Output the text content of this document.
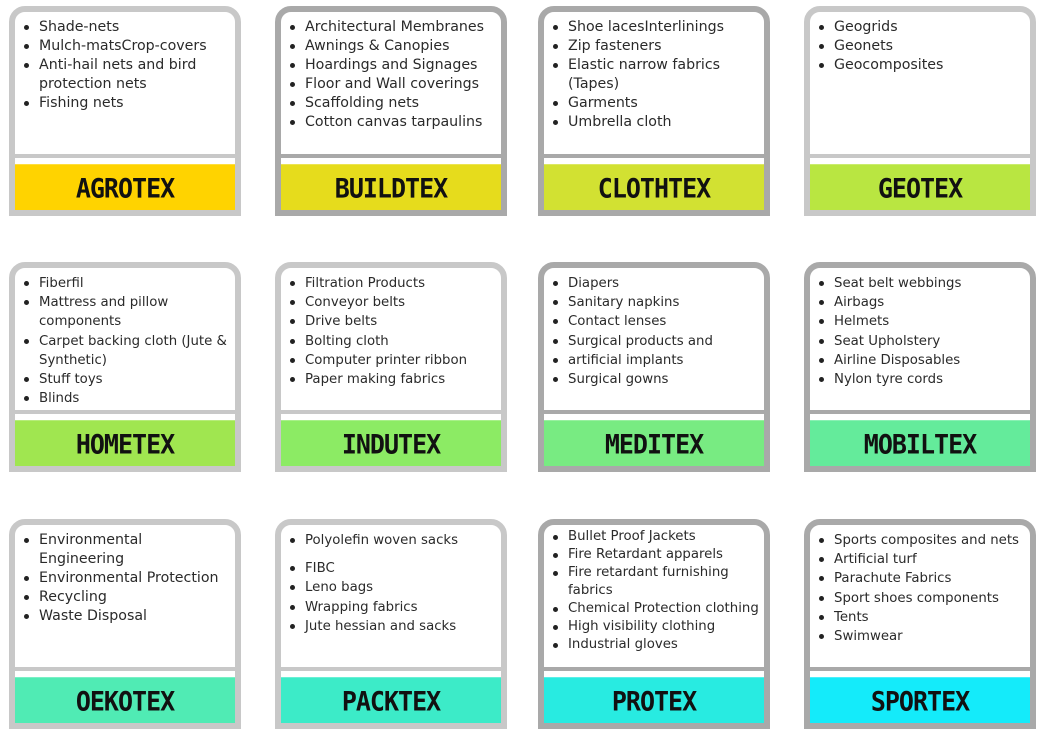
Shade-nets
Mulch-matsCrop-covers
Anti-hail nets and bird protection nets
Fishing nets
AGROTEX
Architectural Membranes
Awnings & Canopies
Hoardings and Signages
Floor and Wall coverings
Scaffolding nets
Cotton canvas tarpaulins
BUILDTEX
Shoe lacesInterlinings
Zip fasteners
Elastic narrow fabrics (Tapes)
Garments
Umbrella cloth
CLOTHTEX
Geogrids
Geonets
Geocomposites
GEOTEX
Fiberfil
Mattress and pillow components
Carpet backing cloth (Jute & Synthetic)
Stuff toys
Blinds
HOMETEX
Filtration Products
Conveyor belts
Drive belts
Bolting cloth
Computer printer ribbon
Paper making fabrics
INDUTEX
Diapers
Sanitary napkins
Contact lenses
Surgical products and
artificial implants
Surgical gowns
MEDITEX
Seat belt webbings
Airbags
Helmets
Seat Upholstery
Airline Disposables
Nylon tyre cords
MOBILTEX
Environmental Engineering
Environmental Protection
Recycling
Waste Disposal
OEKOTEX
Polyolefin woven sacks
FIBC
Leno bags
Wrapping fabrics
Jute hessian and sacks
PACKTEX
Bullet Proof Jackets
Fire Retardant apparels
Fire retardant furnishing fabrics
Chemical Protection clothing
High visibility clothing
Industrial gloves
PROTEX
Sports composites and nets
Artificial turf
Parachute Fabrics
Sport shoes components
Tents
Swimwear
SPORTEX
